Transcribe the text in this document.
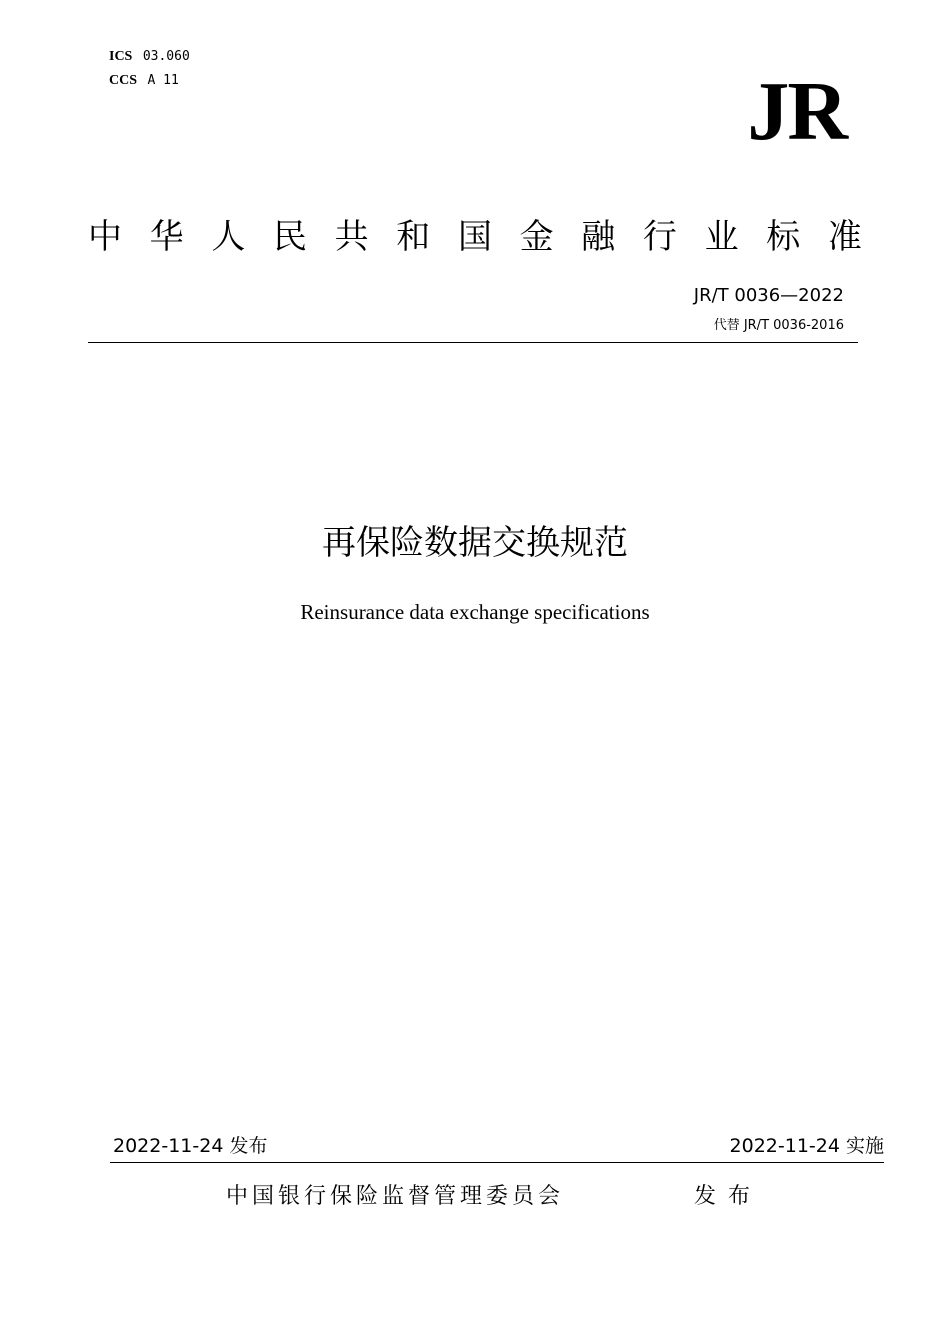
ICS 03.060
CCS A 11	JR
中 华 人 民 共 和 国 金 融 行 业 标 准
JR/T 0036—2022
代替 JR/T 0036-2016
再保险数据交换规范
Reinsurance data exchange specifications
2022-11-24 发布	2022-11-24 实施
中国银行保险监督管理委员会	发布
